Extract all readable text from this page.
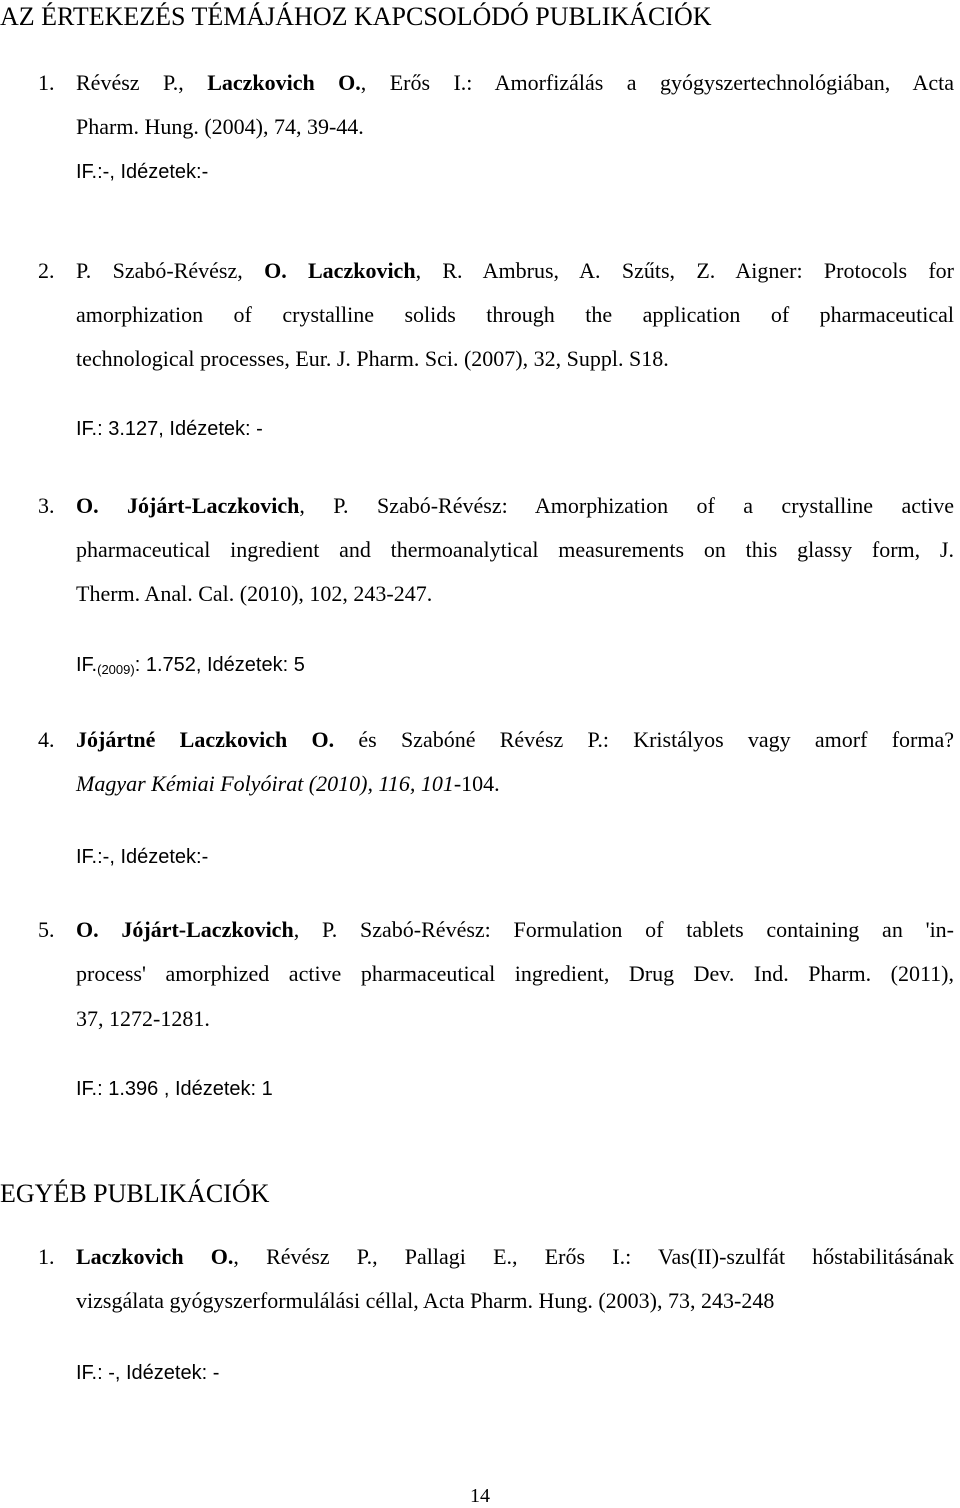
AZ ÉRTEKEZÉS TÉMÁJÁHOZ KAPCSOLÓDÓ PUBLIKÁCIÓK
1. Révész P., Laczkovich O., Erős I.: Amorfizálás a gyógyszertechnológiában, Acta
Pharm. Hung. (2004), 74, 39-44.
IF.:-, Idézetek:-
2. P. Szabó-Révész, O. Laczkovich, R. Ambrus, A. Szűts, Z. Aigner: Protocols for
amorphization of crystalline solids through the application of pharmaceutical
technological processes, Eur. J. Pharm. Sci. (2007), 32, Suppl. S18.
IF.: 3.127, Idézetek: -
3. O. Jójárt-Laczkovich, P. Szabó-Révész: Amorphization of a crystalline active
pharmaceutical ingredient and thermoanalytical measurements on this glassy form, J.
Therm. Anal. Cal. (2010), 102, 243-247.
$IF._{(2009)}$: 1.752, Idézetek: 5
4. Jójártné Laczkovich O. és Szabóné Révész P.: Kristályos vagy amorf forma?
Magyar Kémiai Folyóirat (2010), 116, 101-104.
IF.:-, Idézetek:-
5. O. Jójárt-Laczkovich, P. Szabó-Révész: Formulation of tablets containing an 'in-
process' amorphized active pharmaceutical ingredient, Drug Dev. Ind. Pharm. (2011),
37, 1272-1281.
IF.: 1.396 , Idézetek: 1
EGYÉB PUBLIKÁCIÓK
1. Laczkovich O., Révész P., Pallagi E., Erős I.: Vas(II)-szulfát hőstabilitásának
vizsgálata gyógyszerformulálási céllal, Acta Pharm. Hung. (2003), 73, 243-248
IF.: -, Idézetek: -
14
